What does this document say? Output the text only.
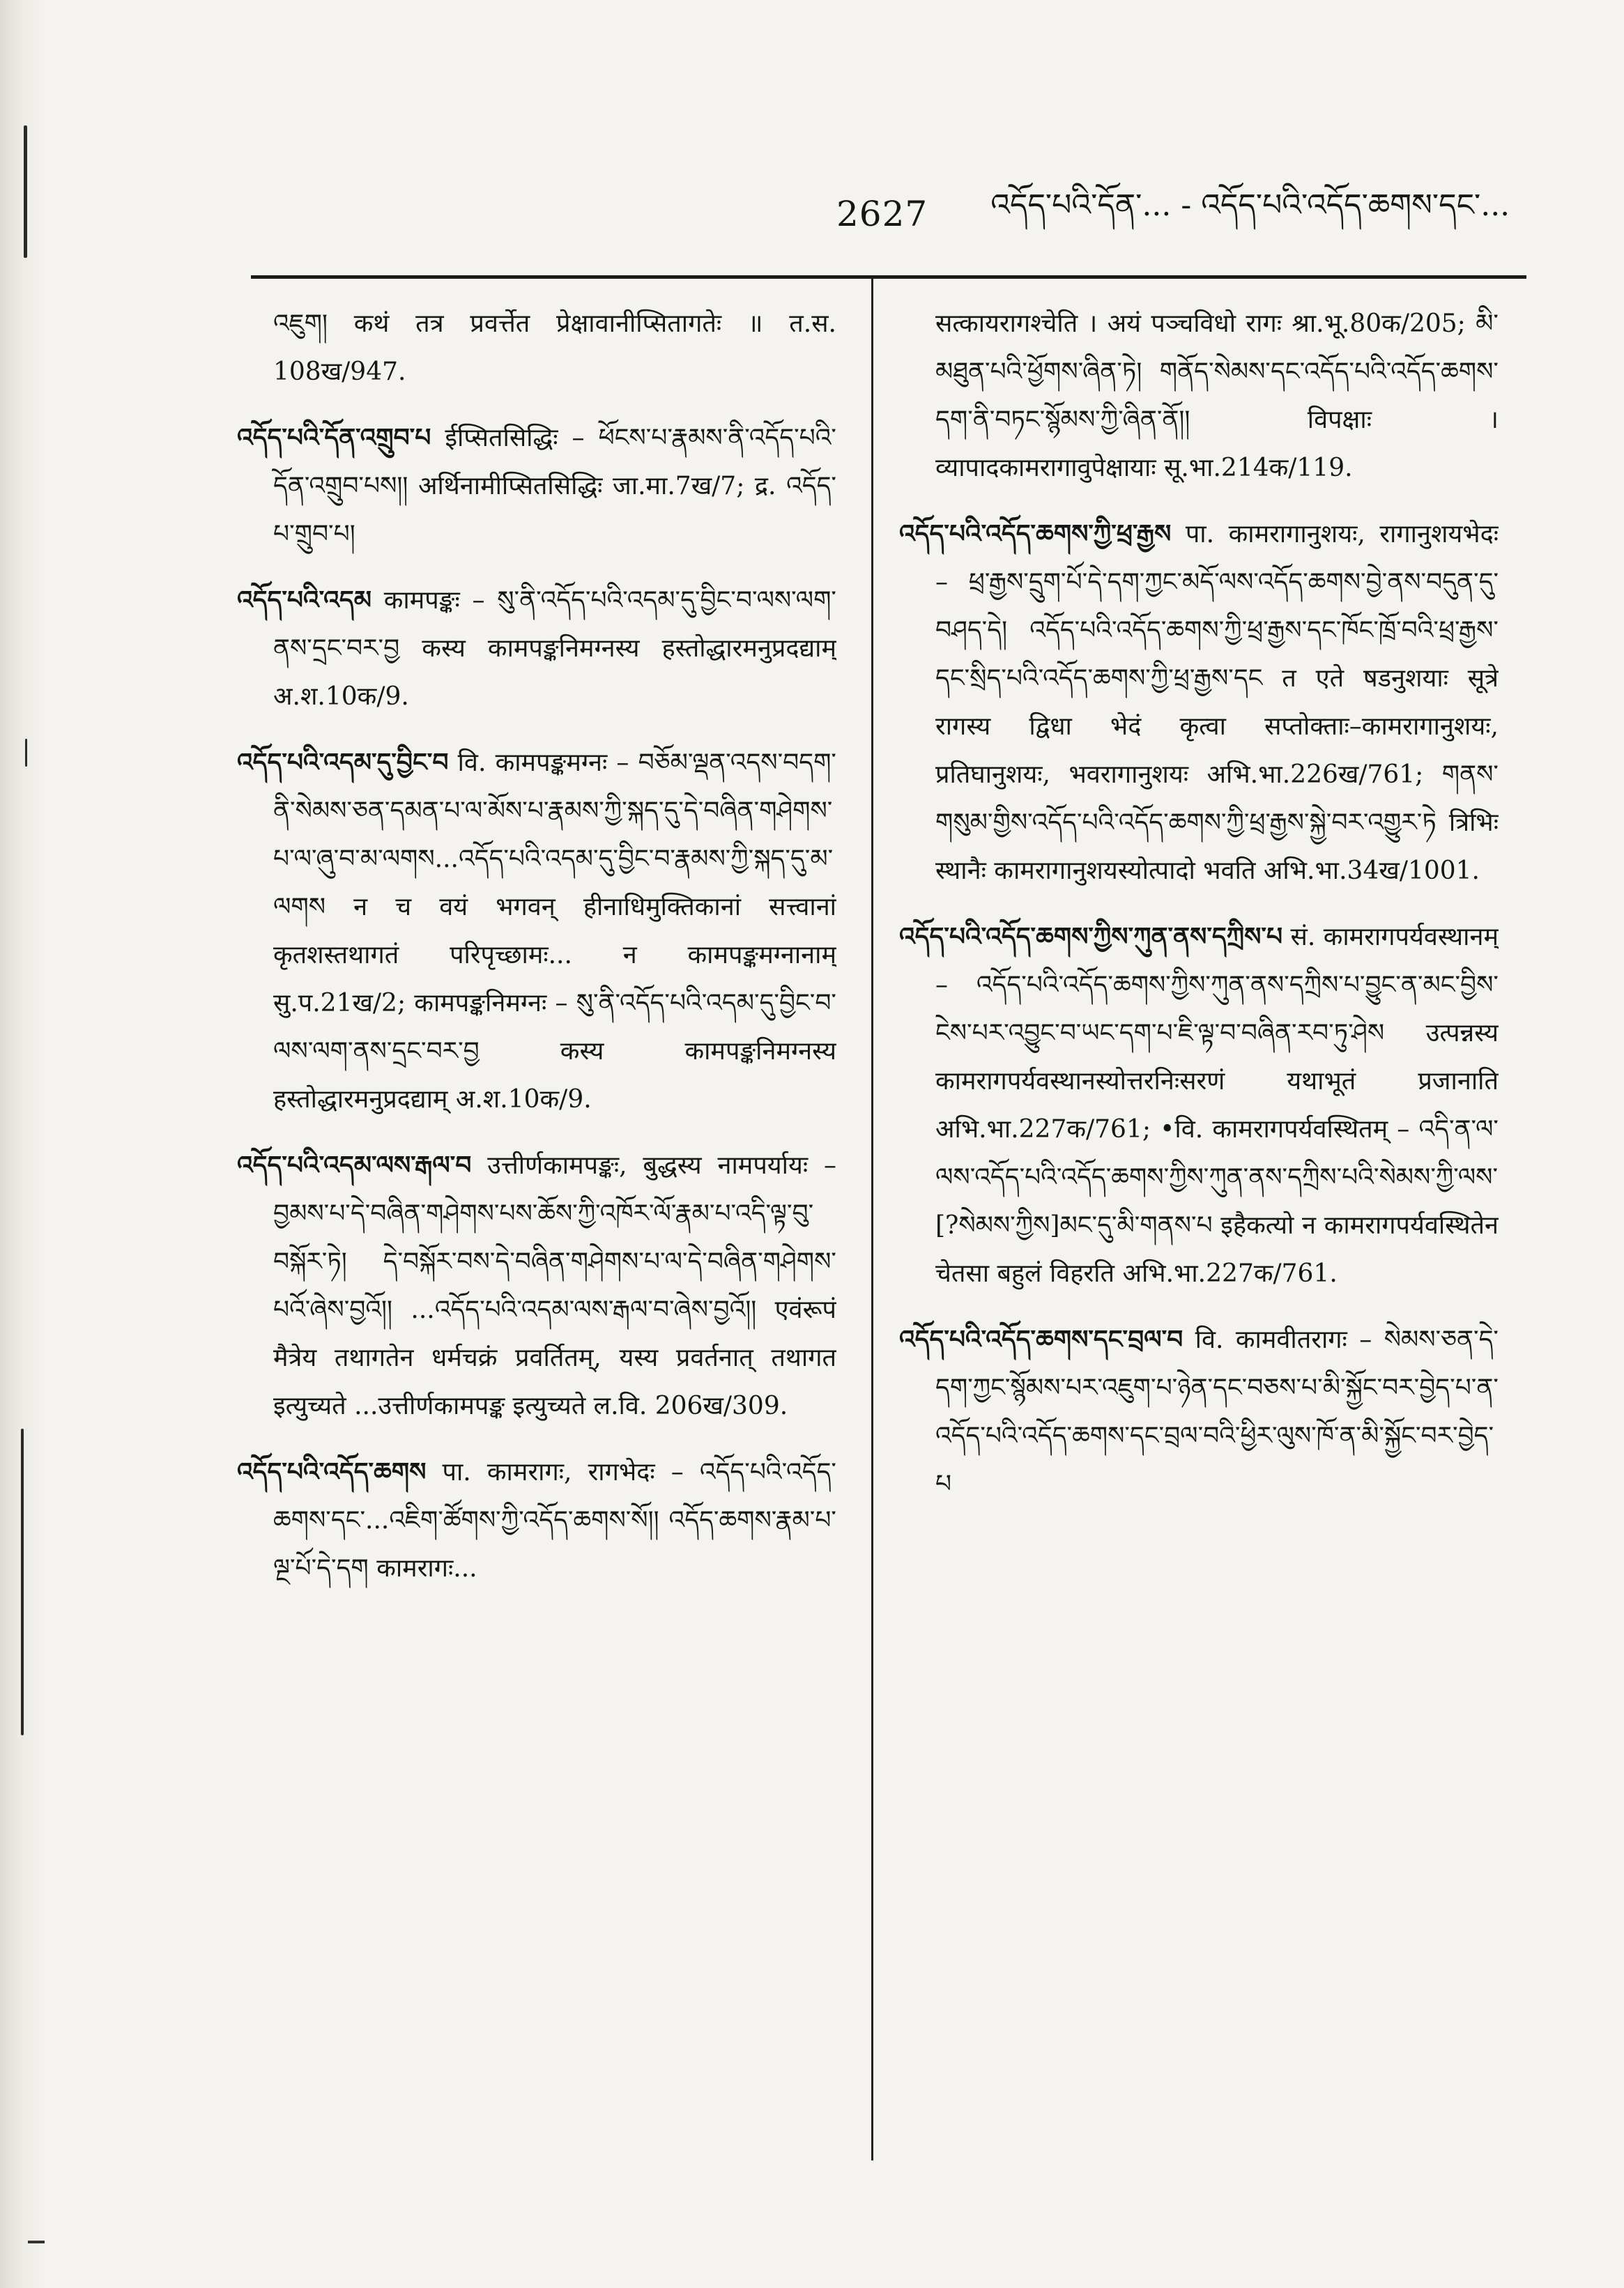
2627 འདོད་པའི་དོན་... - འདོད་པའི་འདོད་ཆགས་དང་...

འཇུག། कथं तत्र प्रवर्त्तेत प्रेक्षावानीप्सितागतेः ॥ त.स. 108ख/947.

འདོད་པའི་དོན་འགྲུབ་པ ईप्सितसिद्धिः – ཕོངས་པ་རྣམས་ནི་འདོད་པའི་དོན་འགྲུབ་པས།། अर्थिनामीप्सितसिद्धिः जा.मा.7ख/7; द्र. འདོད་པ་གྲུབ་པ།

འདོད་པའི་འདམ कामपङ्कः – སུ་ནི་འདོད་པའི་འདམ་དུ་བྱིང་བ་ལས་ལག་ནས་དྲང་བར་བྱ कस्य कामपङ्कनिमग्नस्य हस्तोद्धारमनुप्रदद्याम् अ.श.10क/9.

འདོད་པའི་འདམ་དུ་བྱིང་བ वि. कामपङ्कमग्नः – བཅོམ་ལྡན་འདས་བདག་ནི་སེམས་ཅན་དམན་པ་ལ་མོས་པ་རྣམས་ཀྱི་སྐད་དུ་དེ་བཞིན་གཤེགས་པ་ལ་ཞུ་བ་མ་ལགས...འདོད་པའི་འདམ་དུ་བྱིང་བ་རྣམས་ཀྱི་སྐད་དུ་མ་ལགས न च वयं भगवन् हीनाधिमुक्तिकानां सत्त्वानां कृतशस्तथागतं परिपृच्छामः... न कामपङ्कमग्नानाम् सु.प.21ख/2; कामपङ्कनिमग्नः – སུ་ནི་འདོད་པའི་འདམ་དུ་བྱིང་བ་ལས་ལག་ནས་དྲང་བར་བྱ कस्य कामपङ्कनिमग्नस्य हस्तोद्धारमनुप्रदद्याम् अ.श.10क/9.

འདོད་པའི་འདམ་ལས་རྒལ་བ उत्तीर्णकामपङ्कः, बुद्धस्य नामपर्यायः – བྱམས་པ་དེ་བཞིན་གཤེགས་པས་ཆོས་ཀྱི་འཁོར་ལོ་རྣམ་པ་འདི་ལྟ་བུ་བསྐོར་ཏེ། དེ་བསྐོར་བས་དེ་བཞིན་གཤེགས་པ་ལ་དེ་བཞིན་གཤེགས་པའོ་ཞེས་བྱའོ།། ...འདོད་པའི་འདམ་ལས་རྒལ་བ་ཞེས་བྱའོ།། एवंरूपं मैत्रेय तथागतेन धर्मचक्रं प्रवर्तितम्, यस्य प्रवर्तनात् तथागत इत्युच्यते ...उत्तीर्णकामपङ्क इत्युच्यते ल.वि. 206ख/309.

འདོད་པའི་འདོད་ཆགས पा. कामरागः, रागभेदः – འདོད་པའི་འདོད་ཆགས་དང་...འཇིག་ཚོགས་ཀྱི་འདོད་ཆགས་སོ།། འདོད་ཆགས་རྣམ་པ་ལྔ་པོ་དེ་དག कामरागः...

सत्कायरागश्चेति । अयं पञ्चविधो रागः श्रा.भू.80क/205; མི་མཐུན་པའི་ཕྱོགས་ཞིན་ཏེ། གནོད་སེམས་དང་འདོད་པའི་འདོད་ཆགས་དག་ནི་བཏང་སྙོམས་ཀྱི་ཞིན་ནོ།། विपक्षाः । व्यापादकामरागावुपेक्षायाः सू.भा.214क/119.

འདོད་པའི་འདོད་ཆགས་ཀྱི་ཕྲ་རྒྱས पा. कामरागानुशयः, रागानुशयभेदः – ཕྲ་རྒྱས་དྲུག་པོ་དེ་དག་ཀྱང་མདོ་ལས་འདོད་ཆགས་བྱེ་ནས་བདུན་དུ་བཤད་དེ། འདོད་པའི་འདོད་ཆགས་ཀྱི་ཕྲ་རྒྱས་དང་ཁོང་ཁྲོ་བའི་ཕྲ་རྒྱས་དང་སྲིད་པའི་འདོད་ཆགས་ཀྱི་ཕྲ་རྒྱས་དང त एते षडनुशयाः सूत्रे रागस्य द्विधा भेदं कृत्वा सप्तोक्ताः–कामरागानुशयः, प्रतिघानुशयः, भवरागानुशयः अभि.भा.226ख/761; གནས་གསུམ་གྱིས་འདོད་པའི་འདོད་ཆགས་ཀྱི་ཕྲ་རྒྱས་སྐྱེ་བར་འགྱུར་ཏེ त्रिभिः स्थानैः कामरागानुशयस्योत्पादो भवति अभि.भा.34ख/1001.

འདོད་པའི་འདོད་ཆགས་ཀྱིས་ཀུན་ནས་དཀྲིས་པ सं. कामरागपर्यवस्थानम् – འདོད་པའི་འདོད་ཆགས་ཀྱིས་ཀུན་ནས་དཀྲིས་པ་བྱུང་ན་མང་བྱིས་ངེས་པར་འབྱུང་བ་ཡང་དག་པ་ཇི་ལྟ་བ་བཞིན་རབ་ཏུ་ཤེས उत्पन्नस्य कामरागपर्यवस्थानस्योत्तरनिःसरणं यथाभूतं प्रजानाति अभि.भा.227क/761; •वि. कामरागपर्यवस्थितम् – འདི་ན་ལ་ལས་འདོད་པའི་འདོད་ཆགས་ཀྱིས་ཀུན་ནས་དཀྲིས་པའི་སེམས་ཀྱི་ལས་[?སེམས་ཀྱིས]མང་དུ་མི་གནས་པ इहैकत्यो न कामरागपर्यवस्थितेन चेतसा बहुलं विहरति अभि.भा.227क/761.

འདོད་པའི་འདོད་ཆགས་དང་བྲལ་བ वि. कामवीतरागः – སེམས་ཅན་དེ་དག་ཀྱང་སྙོམས་པར་འཇུག་པ་ཉེན་དང་བཅས་པ་མི་སྐྱོང་བར་བྱེད་པ་ན་འདོད་པའི་འདོད་ཆགས་དང་བྲལ་བའི་ཕྱིར་ལུས་ཁོ་ན་མི་སྐྱོང་བར་བྱེད་པ
